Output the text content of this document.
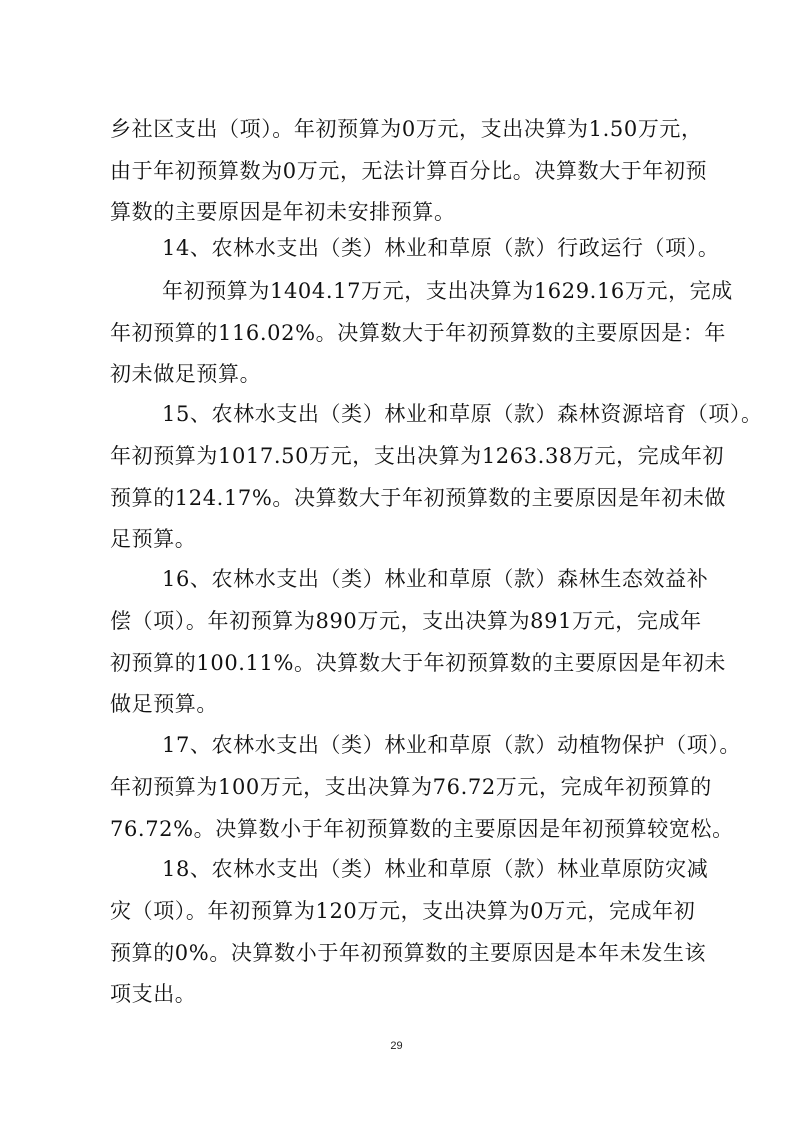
乡社区支出（项）。年初预算为0万元，支出决算为1.50万元，
由于年初预算数为0万元，无法计算百分比。决算数大于年初预
算数的主要原因是年初未安排预算。
14、农林水支出（类）林业和草原（款）行政运行（项）。
年初预算为1404.17万元，支出决算为1629.16万元，完成
年初预算的116.02%。决算数大于年初预算数的主要原因是：年
初未做足预算。
15、农林水支出（类）林业和草原（款）森林资源培育（项）。
年初预算为1017.50万元，支出决算为1263.38万元，完成年初
预算的124.17%。决算数大于年初预算数的主要原因是年初未做
足预算。
16、农林水支出（类）林业和草原（款）森林生态效益补
偿（项）。年初预算为890万元，支出决算为891万元，完成年
初预算的100.11%。决算数大于年初预算数的主要原因是年初未
做足预算。
17、农林水支出（类）林业和草原（款）动植物保护（项）。
年初预算为100万元，支出决算为76.72万元，完成年初预算的
76.72%。决算数小于年初预算数的主要原因是年初预算较宽松。
18、农林水支出（类）林业和草原（款）林业草原防灾减
灾（项）。年初预算为120万元，支出决算为0万元，完成年初
预算的0%。决算数小于年初预算数的主要原因是本年未发生该
项支出。
29
